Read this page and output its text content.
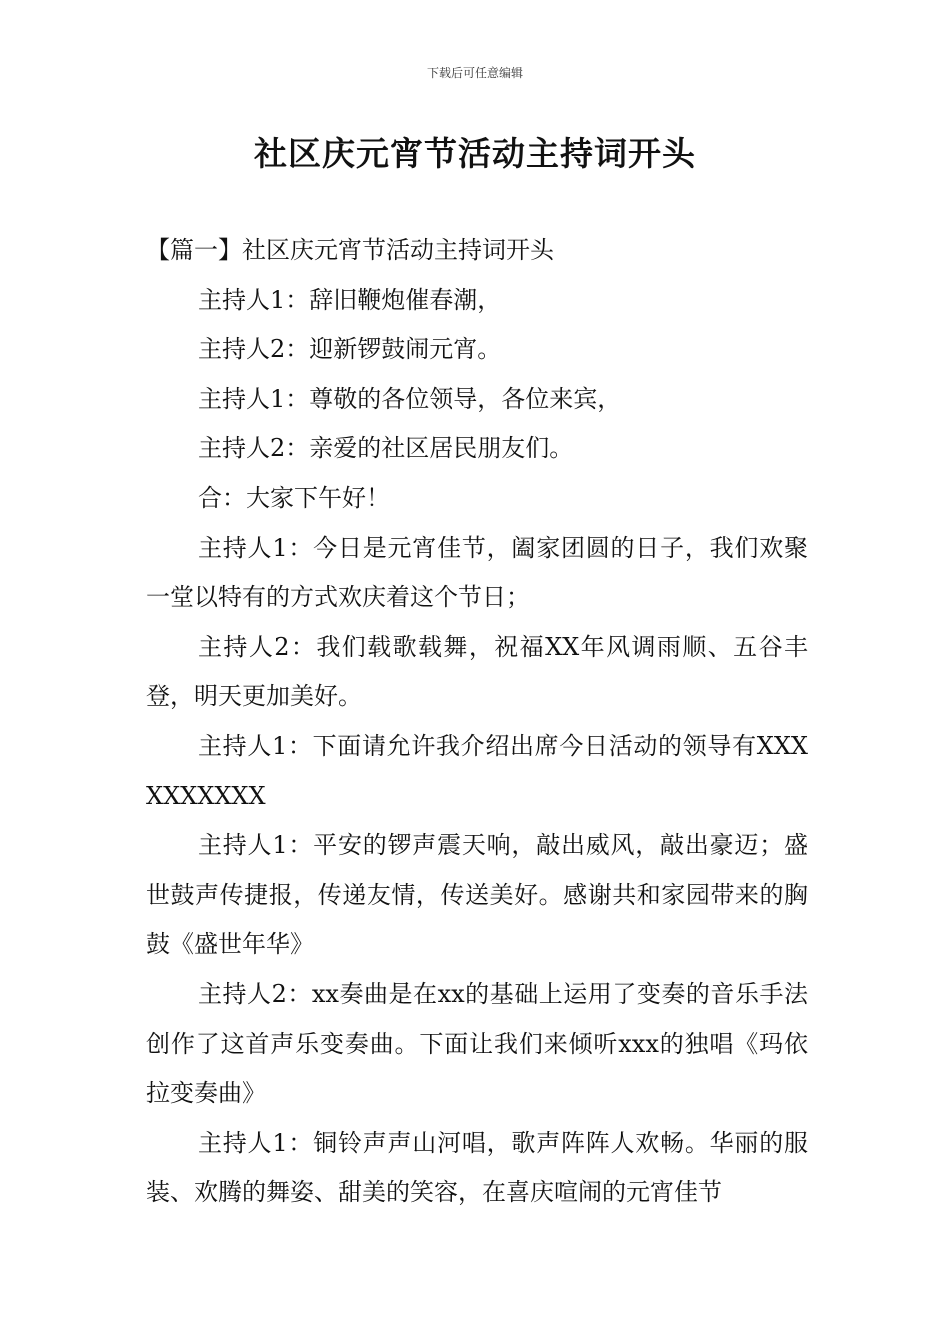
下载后可任意编辑
社区庆元宵节活动主持词开头

【篇一】社区庆元宵节活动主持词开头

主持人1：辞旧鞭炮催春潮，

主持人2：迎新锣鼓闹元宵。

主持人1：尊敬的各位领导，各位来宾，

主持人2：亲爱的社区居民朋友们。

合：大家下午好！

主持人1：今日是元宵佳节，阖家团圆的日子，我们欢聚一堂以特有的方式欢庆着这个节日；

主持人2：我们载歌载舞，祝福XX年风调雨顺、五谷丰登，明天更加美好。

主持人1：下面请允许我介绍出席今日活动的领导有XXXXXXXXXX

主持人1：平安的锣声震天响，敲出威风，敲出豪迈；盛世鼓声传捷报，传递友情，传送美好。感谢共和家园带来的胸鼓《盛世年华》

主持人2：xx奏曲是在xx的基础上运用了变奏的音乐手法创作了这首声乐变奏曲。下面让我们来倾听xxx的独唱《玛依拉变奏曲》

主持人1：铜铃声声山河唱，歌声阵阵人欢畅。华丽的服装、欢腾的舞姿、甜美的笑容，在喜庆喧闹的元宵佳节
